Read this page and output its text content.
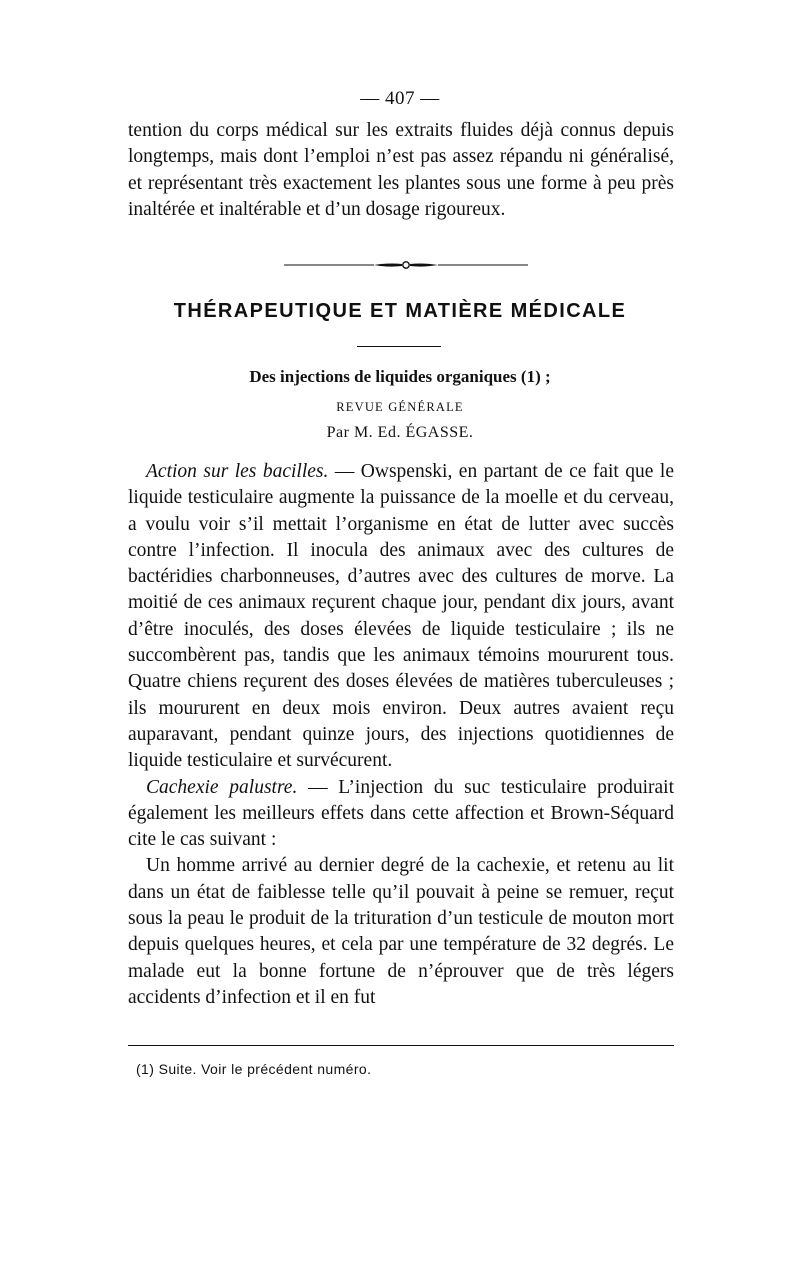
— 407 —

tention du corps médical sur les extraits fluides déjà connus depuis longtemps, mais dont l’emploi n’est pas assez répandu ni généralisé, et représentant très exactement les plantes sous une forme à peu près inaltérée et inaltérable et d’un dosage rigoureux.

THÉRAPEUTIQUE ET MATIÈRE MÉDICALE
Des injections de liquides organiques (1) ;
REVUE GÉNÉRALE
Par M. Ed. ÉGASSE.

Action sur les bacilles. — Owspenski, en partant de ce fait que le liquide testiculaire augmente la puissance de la moelle et du cerveau, a voulu voir s’il mettait l’organisme en état de lutter avec succès contre l’infection. Il inocula des animaux avec des cultures de bactéridies charbonneuses, d’autres avec des cultures de morve. La moitié de ces animaux reçurent chaque jour, pendant dix jours, avant d’être inoculés, des doses élevées de liquide testiculaire ; ils ne succombèrent pas, tandis que les animaux témoins moururent tous. Quatre chiens reçurent des doses élevées de matières tuberculeuses ; ils moururent en deux mois environ. Deux autres avaient reçu auparavant, pendant quinze jours, des injections quotidiennes de liquide testiculaire et survécurent.

Cachexie palustre. — L’injection du suc testiculaire produirait également les meilleurs effets dans cette affection et Brown-Séquard cite le cas suivant :

Un homme arrivé au dernier degré de la cachexie, et retenu au lit dans un état de faiblesse telle qu’il pouvait à peine se remuer, reçut sous la peau le produit de la trituration d’un testicule de mouton mort depuis quelques heures, et cela par une température de 32 degrés. Le malade eut la bonne fortune de n’éprouver que de très légers accidents d’infection et il en fut

(1) Suite. Voir le précédent numéro.
